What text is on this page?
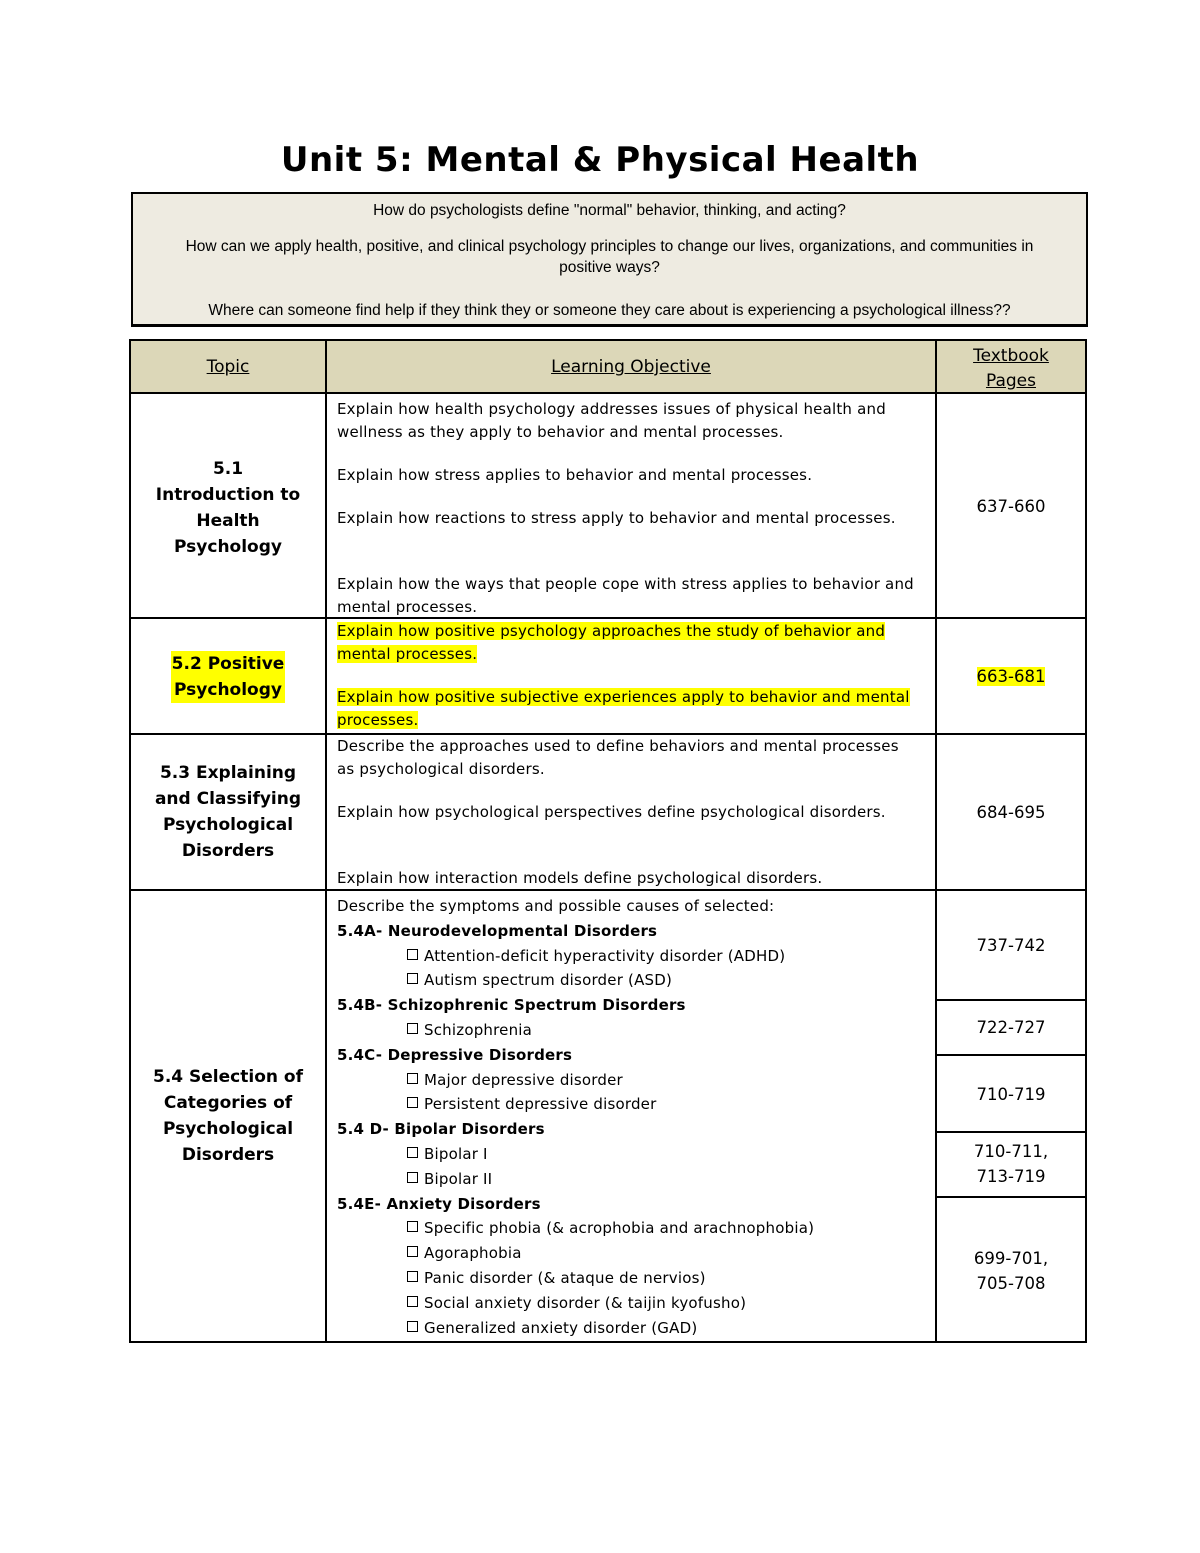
Unit 5: Mental & Physical Health
How do psychologists define "normal" behavior, thinking, and acting?
How can we apply health, positive, and clinical psychology principles to change our lives, organizations, and communities in positive ways?
Where can someone find help if they think they or someone they care about is experiencing a psychological illness??
Topic	Learning Objective
Textbook Pages
5.1 Introduction to Health Psychology
Explain how health psychology addresses issues of physical health and wellness as they apply to behavior and mental processes.
Explain how stress applies to behavior and mental processes.
Explain how reactions to stress apply to behavior and mental processes.
Explain how the ways that people cope with stress applies to behavior and mental processes.
637-660
5.2 Positive Psychology
Explain how positive psychology approaches the study of behavior and mental processes.
Explain how positive subjective experiences apply to behavior and mental processes.
663-681
5.3 Explaining and Classifying Psychological Disorders
Describe the approaches used to define behaviors and mental processes as psychological disorders.
Explain how psychological perspectives define psychological disorders.
Explain how interaction models define psychological disorders.
684-695
5.4 Selection of Categories of Psychological Disorders
Describe the symptoms and possible causes of selected:
5.4A- Neurodevelopmental Disorders
Attention-deficit hyperactivity disorder (ADHD)
Autism spectrum disorder (ASD)
5.4B- Schizophrenic Spectrum Disorders
Schizophrenia
5.4C- Depressive Disorders
Major depressive disorder
Persistent depressive disorder
5.4 D- Bipolar Disorders
Bipolar I
Bipolar II
5.4E- Anxiety Disorders
Specific phobia (& acrophobia and arachnophobia)
Agoraphobia
Panic disorder (& ataque de nervios)
Social anxiety disorder (& taijin kyofusho)
Generalized anxiety disorder (GAD)
737-742
722-727
710-719
710-711, 713-719
699-701, 705-708
